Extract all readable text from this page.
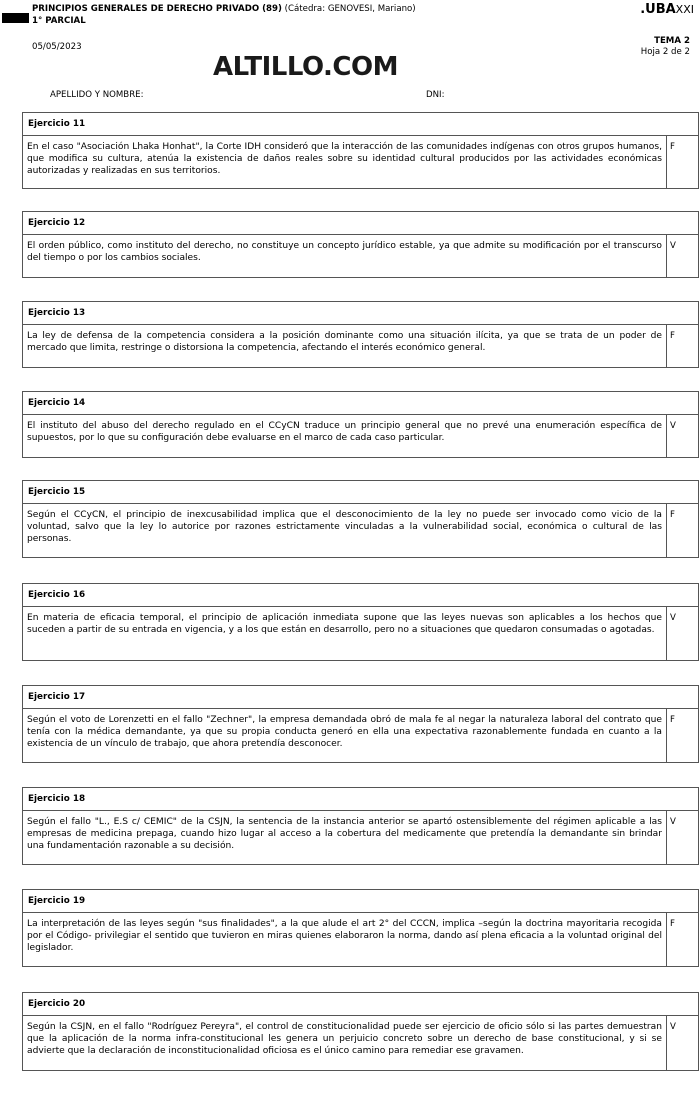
PRINCIPIOS GENERALES DE DERECHO PRIVADO (89) (Cátedra: GENOVESI, Mariano)
1° PARCIAL
05/05/2023
ALTILLO.COM
.UBAXXI
TEMA 2
Hoja 2 de 2
APELLIDO Y NOMBRE:	DNI:
Ejercicio 11
En el caso "Asociación Lhaka Honhat", la Corte IDH consideró que la interacción de las comunidades indígenas con otros grupos humanos, que modifica su cultura, atenúa la existencia de daños reales sobre su identidad cultural producidos por las actividades económicas autorizadas y realizadas en sus territorios.
F
Ejercicio 12
El orden público, como instituto del derecho, no constituye un concepto jurídico estable, ya que admite su modificación por el transcurso del tiempo o por los cambios sociales.
V
Ejercicio 13
La ley de defensa de la competencia considera a la posición dominante como una situación ilícita, ya que se trata de un poder de mercado que limita, restringe o distorsiona la competencia, afectando el interés económico general.
F
Ejercicio 14
El instituto del abuso del derecho regulado en el CCyCN traduce un principio general que no prevé una enumeración específica de supuestos, por lo que su configuración debe evaluarse en el marco de cada caso particular.
V
Ejercicio 15
Según el CCyCN, el principio de inexcusabilidad implica que el desconocimiento de la ley no puede ser invocado como vicio de la voluntad, salvo que la ley lo autorice por razones estrictamente vinculadas a la vulnerabilidad social, económica o cultural de las personas.
F
Ejercicio 16
En materia de eficacia temporal, el principio de aplicación inmediata supone que las leyes nuevas son aplicables a los hechos que suceden a partir de su entrada en vigencia, y a los que están en desarrollo, pero no a situaciones que quedaron consumadas o agotadas.
V
Ejercicio 17
Según el voto de Lorenzetti en el fallo "Zechner", la empresa demandada obró de mala fe al negar la naturaleza laboral del contrato que tenía con la médica demandante, ya que su propia conducta generó en ella una expectativa razonablemente fundada en cuanto a la existencia de un vínculo de trabajo, que ahora pretendía desconocer.
F
Ejercicio 18
Según el fallo "L., E.S c/ CEMIC" de la CSJN, la sentencia de la instancia anterior se apartó ostensiblemente del régimen aplicable a las empresas de medicina prepaga, cuando hizo lugar al acceso a la cobertura del medicamente que pretendía la demandante sin brindar una fundamentación razonable a su decisión.
V
Ejercicio 19
La interpretación de las leyes según "sus finalidades", a la que alude el art 2° del CCCN, implica –según la doctrina mayoritaria recogida por el Código- privilegiar el sentido que tuvieron en miras quienes elaboraron la norma, dando así plena eficacia a la voluntad original del legislador.
F
Ejercicio 20
Según la CSJN, en el fallo "Rodríguez Pereyra", el control de constitucionalidad puede ser ejercicio de oficio sólo si las partes demuestran que la aplicación de la norma infra-constitucional les genera un perjuicio concreto sobre un derecho de base constitucional, y si se advierte que la declaración de inconstitucionalidad oficiosa es el único camino para remediar ese gravamen.
V
